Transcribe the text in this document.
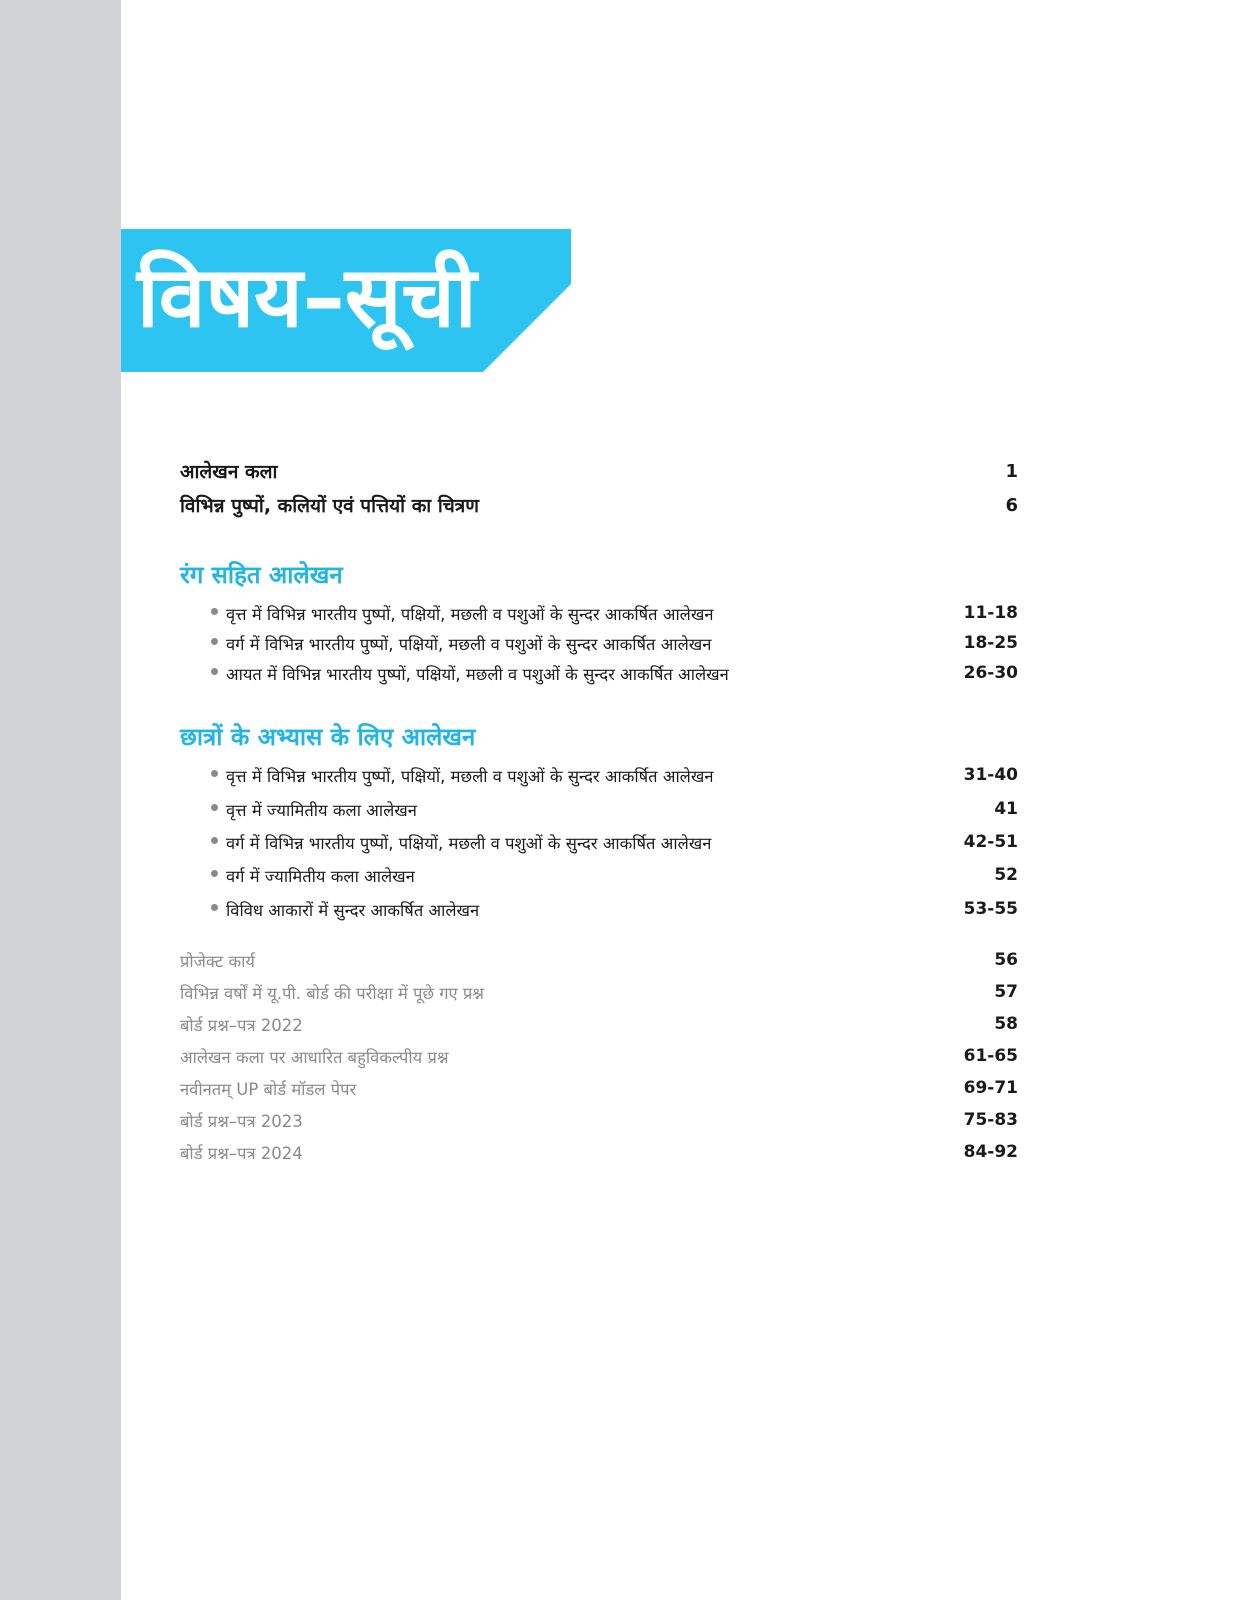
विषय–सूची
आलेखन कला	1
विभिन्न पुष्पों, कलियों एवं पत्तियों का चित्रण	6
रंग सहित आलेखन
वृत्त में विभिन्न भारतीय पुष्पों, पक्षियों, मछली व पशुओं के सुन्दर आकर्षित आलेखन	11-18
वर्ग में विभिन्न भारतीय पुष्पों, पक्षियों, मछली व पशुओं के सुन्दर आकर्षित आलेखन	18-25
आयत में विभिन्न भारतीय पुष्पों, पक्षियों, मछली व पशुओं के सुन्दर आकर्षित आलेखन	26-30
छात्रों के अभ्यास के लिए आलेखन
वृत्त में विभिन्न भारतीय पुष्पों, पक्षियों, मछली व पशुओं के सुन्दर आकर्षित आलेखन	31-40
वृत्त में ज्यामितीय कला आलेखन	41
वर्ग में विभिन्न भारतीय पुष्पों, पक्षियों, मछली व पशुओं के सुन्दर आकर्षित आलेखन	42-51
वर्ग में ज्यामितीय कला आलेखन	52
विविध आकारों में सुन्दर आकर्षित आलेखन	53-55
प्रोजेक्ट कार्य	56
विभिन्न वर्षों में यू.पी. बोर्ड की परीक्षा में पूछे गए प्रश्न	57
बोर्ड प्रश्न–पत्र 2022	58
आलेखन कला पर आधारित बहुविकल्पीय प्रश्न	61-65
नवीनतम् UP बोर्ड मॉडल पेपर	69-71
बोर्ड प्रश्न–पत्र 2023	75-83
बोर्ड प्रश्न–पत्र 2024	84-92
